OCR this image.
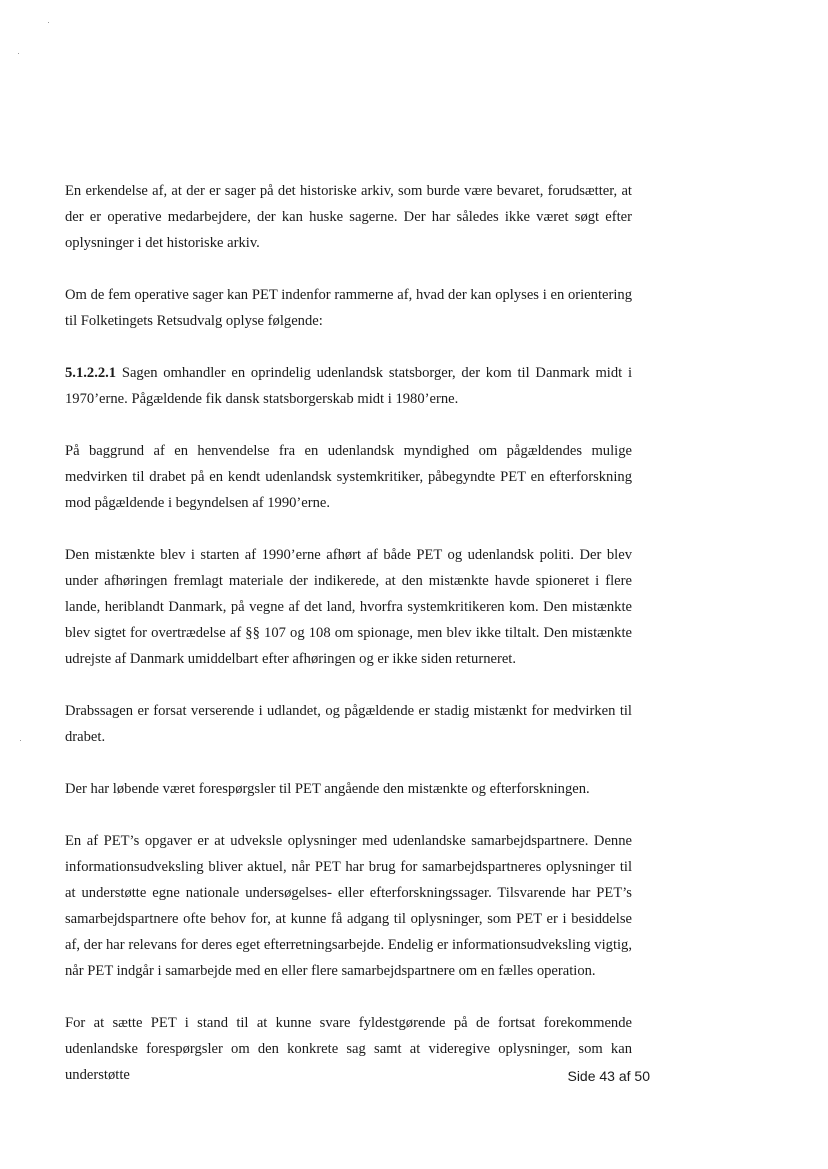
En erkendelse af, at der er sager på det historiske arkiv, som burde være bevaret, forudsætter, at der er operative medarbejdere, der kan huske sagerne. Der har således ikke været søgt efter oplysninger i det historiske arkiv.

Om de fem operative sager kan PET indenfor rammerne af, hvad der kan oplyses i en orientering til Folketingets Retsudvalg oplyse følgende:

5.1.2.2.1 Sagen omhandler en oprindelig udenlandsk statsborger, der kom til Danmark midt i 1970’erne. Pågældende fik dansk statsborgerskab midt i 1980’erne.

På baggrund af en henvendelse fra en udenlandsk myndighed om pågældendes mulige medvirken til drabet på en kendt udenlandsk systemkritiker, påbegyndte PET en efterforskning mod pågældende i begyndelsen af 1990’erne.

Den mistænkte blev i starten af 1990’erne afhørt af både PET og udenlandsk politi. Der blev under afhøringen fremlagt materiale der indikerede, at den mistænkte havde spioneret i flere lande, heriblandt Danmark, på vegne af det land, hvorfra systemkritikeren kom. Den mistænkte blev sigtet for overtrædelse af §§ 107 og 108 om spionage, men blev ikke tiltalt. Den mistænkte udrejste af Danmark umiddelbart efter afhøringen og er ikke siden returneret.

Drabssagen er forsat verserende i udlandet, og pågældende er stadig mistænkt for medvirken til drabet.

Der har løbende været forespørgsler til PET angående den mistænkte og efterforskningen.

En af PET’s opgaver er at udveksle oplysninger med udenlandske samarbejdspartnere. Denne informationsudveksling bliver aktuel, når PET har brug for samarbejdspartneres oplysninger til at understøtte egne nationale undersøgelses- eller efterforskningssager. Tilsvarende har PET’s samarbejdspartnere ofte behov for, at kunne få adgang til oplysninger, som PET er i besiddelse af, der har relevans for deres eget efterretningsarbejde. Endelig er informationsudveksling vigtig, når PET indgår i samarbejde med en eller flere samarbejdspartnere om en fælles operation.

For at sætte PET i stand til at kunne svare fyldestgørende på de fortsat forekommende udenlandske forespørgsler om den konkrete sag samt at videregive oplysninger, som kan understøtte	Side 43 af 50
